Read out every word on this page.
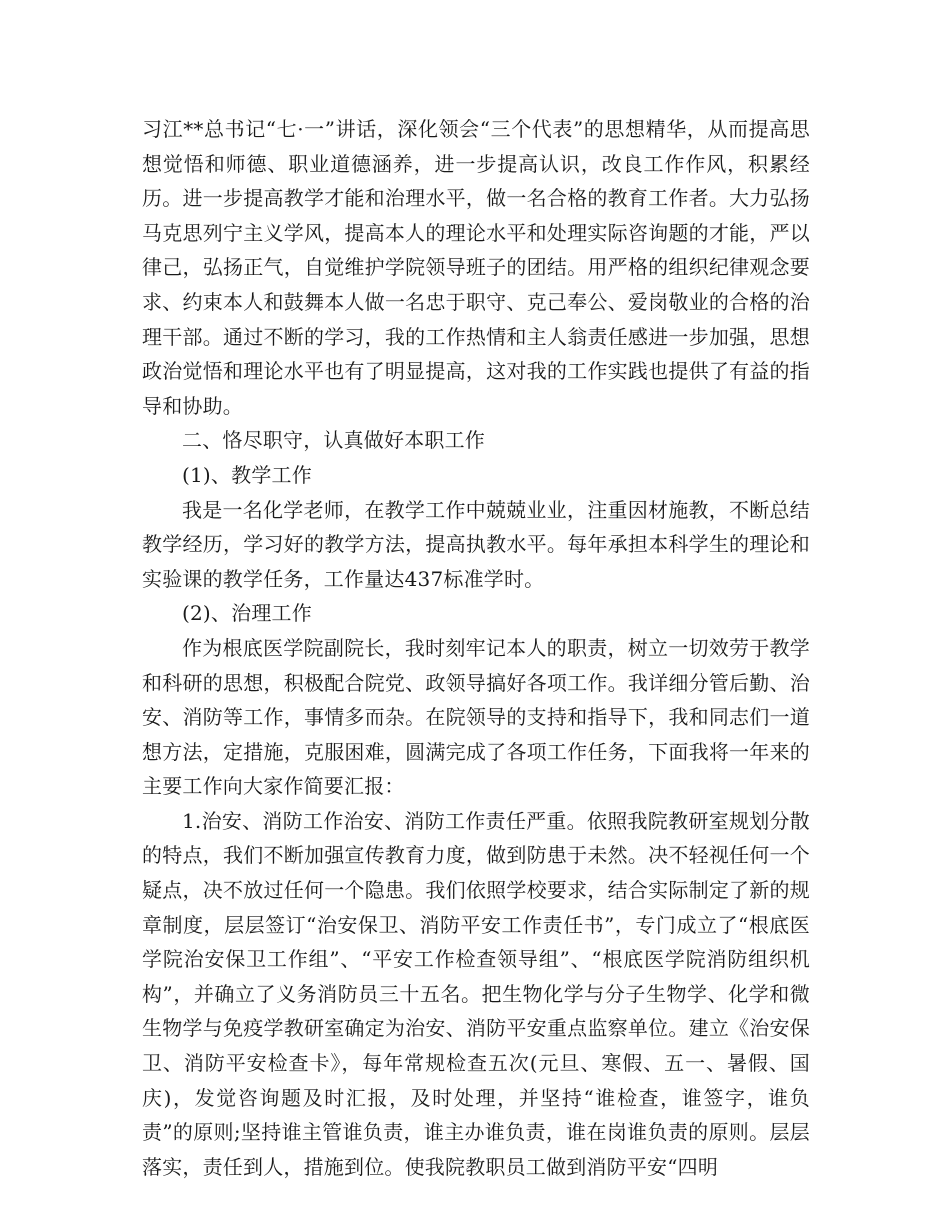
习江**总书记“七·一”讲话，深化领会“三个代表”的思想精华，从而提高思想觉悟和师德、职业道德涵养，进一步提高认识，改良工作作风，积累经历。进一步提高教学才能和治理水平，做一名合格的教育工作者。大力弘扬马克思列宁主义学风，提高本人的理论水平和处理实际咨询题的才能，严以律己，弘扬正气，自觉维护学院领导班子的团结。用严格的组织纪律观念要求、约束本人和鼓舞本人做一名忠于职守、克己奉公、爱岗敬业的合格的治理干部。通过不断的学习，我的工作热情和主人翁责任感进一步加强，思想政治觉悟和理论水平也有了明显提高，这对我的工作实践也提供了有益的指导和协助。

二、恪尽职守，认真做好本职工作

(1)、教学工作

我是一名化学老师，在教学工作中兢兢业业，注重因材施教，不断总结教学经历，学习好的教学方法，提高执教水平。每年承担本科学生的理论和实验课的教学任务，工作量达437标准学时。

(2)、治理工作

作为根底医学院副院长，我时刻牢记本人的职责，树立一切效劳于教学和科研的思想，积极配合院党、政领导搞好各项工作。我详细分管后勤、治安、消防等工作，事情多而杂。在院领导的支持和指导下，我和同志们一道想方法，定措施，克服困难，圆满完成了各项工作任务，下面我将一年来的主要工作向大家作简要汇报：

1.治安、消防工作治安、消防工作责任严重。依照我院教研室规划分散的特点，我们不断加强宣传教育力度，做到防患于未然。决不轻视任何一个疑点，决不放过任何一个隐患。我们依照学校要求，结合实际制定了新的规章制度，层层签订“治安保卫、消防平安工作责任书”，专门成立了“根底医学院治安保卫工作组”、“平安工作检查领导组”、“根底医学院消防组织机构”，并确立了义务消防员三十五名。把生物化学与分子生物学、化学和微生物学与免疫学教研室确定为治安、消防平安重点监察单位。建立《治安保卫、消防平安检查卡》，每年常规检查五次(元旦、寒假、五一、暑假、国庆)，发觉咨询题及时汇报，及时处理，并坚持“谁检查，谁签字，谁负责”的原则;坚持谁主管谁负责，谁主办谁负责，谁在岗谁负责的原则。层层落实，责任到人，措施到位。使我院教职员工做到消防平安“四明
